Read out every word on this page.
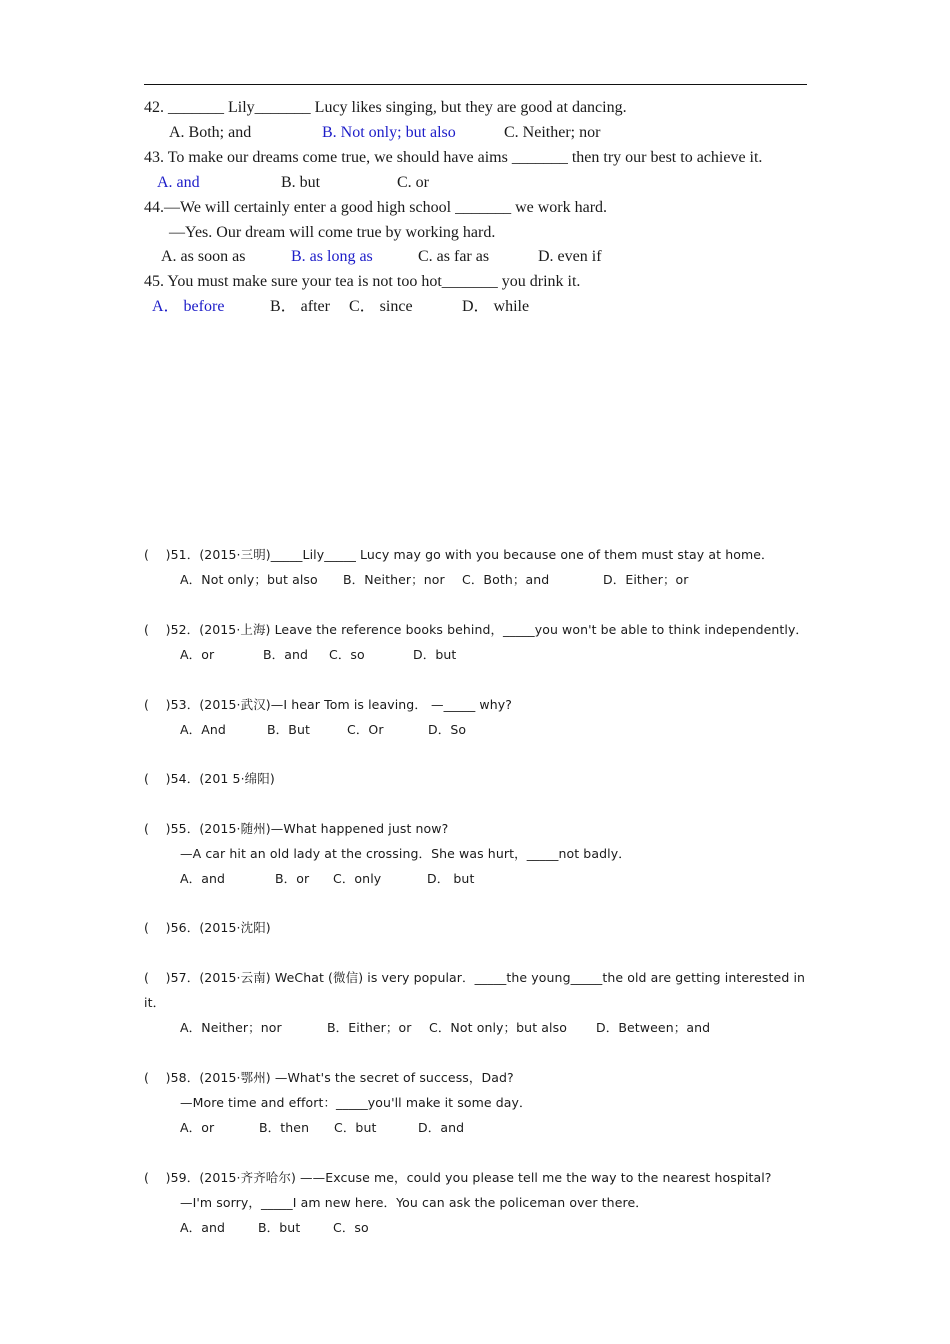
42. _______ Lily_______ Lucy likes singing, but they are good at dancing.
A. Both; and	B. Not only; but also	C. Neither; nor
43. To make our dreams come true, we should have aims _______ then try our best to achieve it.
A. and	B. but	C. or
44.—We will certainly enter a good high school _______ we work hard.
—Yes. Our dream will come true by working hard.
A. as soon as	B. as long as	C. as far as	D. even if
45. You must make sure your tea is not too hot_______ you drink it.
A． before	B． after C． since	D． while
(　 )51．(2015·三明)_____Lily_____ Lucy may go with you because one of them must stay at home．
A．Not only；but also B．Neither；nor C．Both；and	D．Either；or
(　 )52．(2015·上海) Leave the reference books behind，_____you won't be able to think independently．
A．or	B．and C．so	D．but
(　 )53．(2015·武汉)—I hear Tom is leaving． —_____ why?
A．And	B．But	C．Or	D．So
(　 )54．(201 5·绵阳)
(　 )55．(2015·随州)—What happened just now?
—A car hit an old lady at the crossing．She was hurt，_____not badly．
A．and	B．or C．only	D． but
(　 )56．(2015·沈阳)
(　 )57．(2015·云南) WeChat (微信) is very popular．_____the young_____the old are getting interested in
it．
A．Neither；nor	B．Either；or C．Not only；but also D．Between；and
(　 )58．(2015·鄂州) —What's the secret of success，Dad?
—More time and effort：_____you'll make it some day．
A．or	B．then C．but	D．and
(　 )59．(2015·齐齐哈尔) ——Excuse me，could you please tell me the way to the nearest hospital?
—I'm sorry，_____I am new here．You can ask the policeman over there．
A．and	B．but	C．so
